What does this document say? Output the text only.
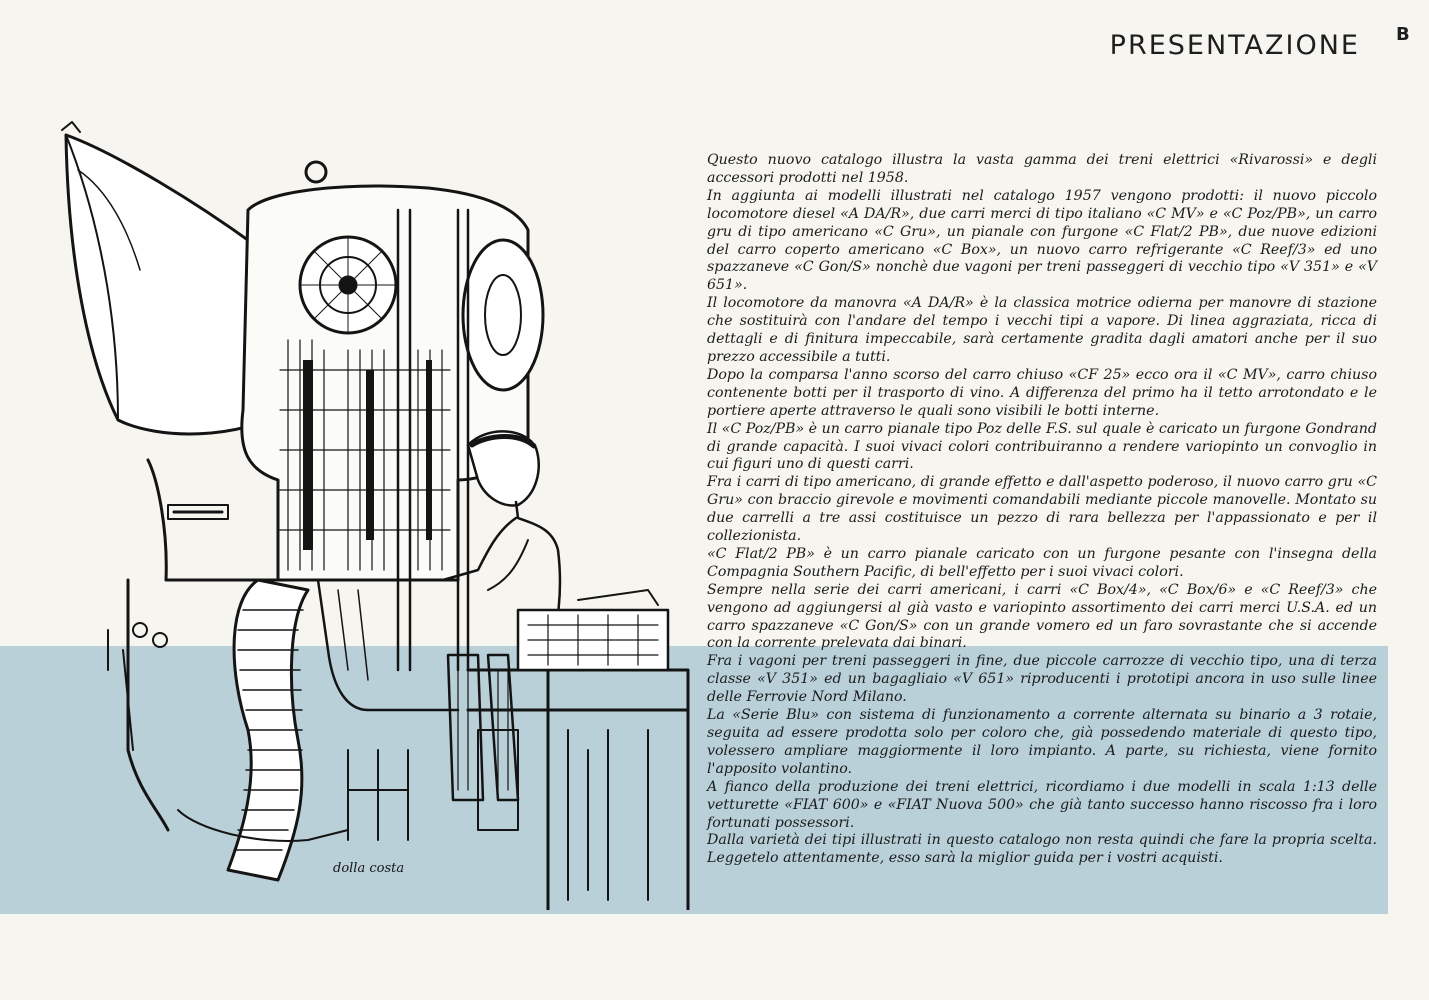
PRESENTAZIONE B
dolla costa

Questo nuovo catalogo illustra la vasta gamma dei treni elettrici «Rivarossi» e degli accessori prodotti nel 1958.

In aggiunta ai modelli illustrati nel catalogo 1957 vengono prodotti: il nuovo piccolo locomotore diesel «A DA/R», due carri merci di tipo italiano «C MV» e «C Poz/PB», un carro gru di tipo americano «C Gru», un pianale con furgone «C Flat/2 PB», due nuove edizioni del carro coperto americano «C Box», un nuovo carro refrigerante «C Reef/3» ed uno spazzaneve «C Gon/S» nonchè due vagoni per treni passeggeri di vecchio tipo «V 351» e «V 651».

Il locomotore da manovra «A DA/R» è la classica motrice odierna per manovre di stazione che sostituirà con l'andare del tempo i vecchi tipi a vapore. Di linea aggraziata, ricca di dettagli e di finitura impeccabile, sarà certamente gradita dagli amatori anche per il suo prezzo accessibile a tutti.

Dopo la comparsa l'anno scorso del carro chiuso «CF 25» ecco ora il «C MV», carro chiuso contenente botti per il trasporto di vino. A differenza del primo ha il tetto arrotondato e le portiere aperte attraverso le quali sono visibili le botti interne.

Il «C Poz/PB» è un carro pianale tipo Poz delle F.S. sul quale è caricato un furgone Gondrand di grande capacità. I suoi vivaci colori contribuiranno a rendere variopinto un convoglio in cui figuri uno di questi carri.

Fra i carri di tipo americano, di grande effetto e dall'aspetto poderoso, il nuovo carro gru «C Gru» con braccio girevole e movimenti comandabili mediante piccole manovelle. Montato su due carrelli a tre assi costituisce un pezzo di rara bellezza per l'appassionato e per il collezionista.

«C Flat/2 PB» è un carro pianale caricato con un furgone pesante con l'insegna della Compagnia Southern Pacific, di bell'effetto per i suoi vivaci colori.

Sempre nella serie dei carri americani, i carri «C Box/4», «C Box/6» e «C Reef/3» che vengono ad aggiungersi al già vasto e variopinto assortimento dei carri merci U.S.A. ed un carro spazzaneve «C Gon/S» con un grande vomero ed un faro sovrastante che si accende con la corrente prelevata dai binari.

Fra i vagoni per treni passeggeri in fine, due piccole carrozze di vecchio tipo, una di terza classe «V 351» ed un bagagliaio «V 651» riproducenti i prototipi ancora in uso sulle linee delle Ferrovie Nord Milano.

La «Serie Blu» con sistema di funzionamento a corrente alternata su binario a 3 rotaie, seguita ad essere prodotta solo per coloro che, già possedendo materiale di questo tipo, volessero ampliare maggiormente il loro impianto. A parte, su richiesta, viene fornito l'apposito volantino.

A fianco della produzione dei treni elettrici, ricordiamo i due modelli in scala 1:13 delle vetturette «FIAT 600» e «FIAT Nuova 500» che già tanto successo hanno riscosso fra i loro fortunati possessori.

Dalla varietà dei tipi illustrati in questo catalogo non resta quindi che fare la propria scelta. Leggetelo attentamente, esso sarà la miglior guida per i vostri acquisti.
